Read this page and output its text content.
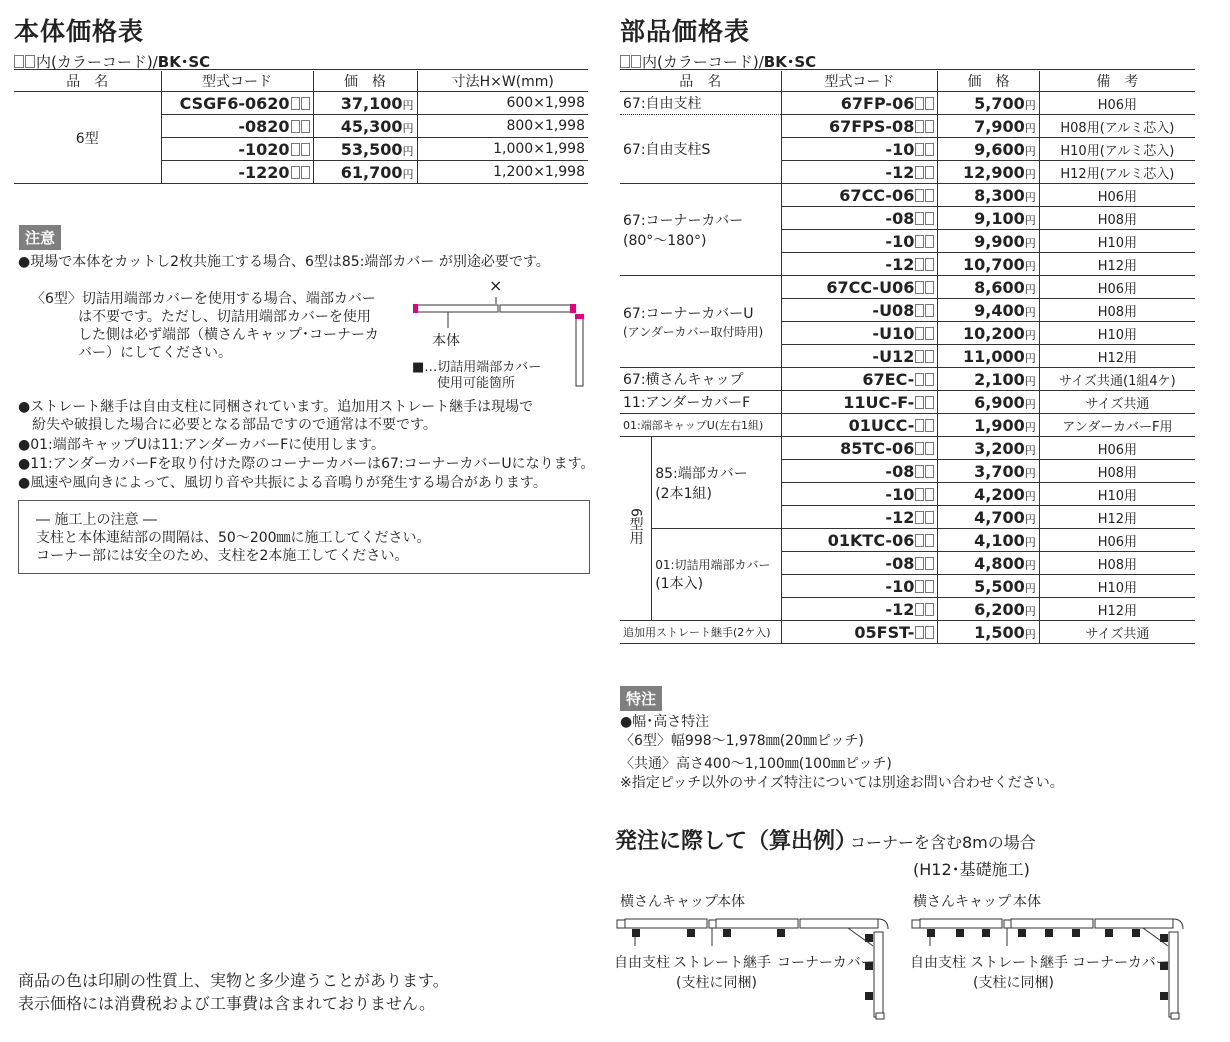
本体価格表
内(カラーコード)/BK･SC
品　名	型式コード	価　格	寸法H×W(mm)
6型	CSGF6-0620	37,100円	600×1,998
	-0820	45,300円	800×1,998
	-1020	53,500円	1,000×1,998
	-1220	61,700円	1,200×1,998
注意
●現場で本体をカットし2枚共施工する場合、6型は85:端部カバー が別途必要です。
〈6型〉切詰用端部カバーを使用する場合、端部カバー
は不要です。ただし、切詰用端部カバーを使用
した側は必ず端部（横さんキャップ･コーナーカ
バー）にしてください。
×
本体
■…切詰用端部カバー
使用可能箇所
●ストレート継手は自由支柱に同梱されています。追加用ストレート継手は現場で
　紛失や破損した場合に必要となる部品ですので通常は不要です。
●01:端部キャップUは11:アンダーカバーFに使用します。
●11:アンダーカバーFを取り付けた際のコーナーカバーは67:コーナーカバーUになります。
●風速や風向きによって、風切り音や共振による音鳴りが発生する場合があります。
― 施工上の注意 ―
支柱と本体連結部の間隔は、50～200㎜に施工してください。
コーナー部には安全のため、支柱を2本施工してください。
商品の色は印刷の性質上、実物と多少違うことがあります。
表示価格には消費税および工事費は含まれておりません。
部品価格表
内(カラーコード)/BK･SC
品　名		型式コード	価　格	備　考
67:自由支柱		67FP-06	5,700円	H06用
67:自由支柱S		67FPS-08	7,900円	H08用(アルミ芯入)
		-10	9,600円	H10用(アルミ芯入)
		-12	12,900円	H12用(アルミ芯入)

67:コーナーカバー
(80°～180°)		67CC-06	8,300円	H06用
		-08	9,100円	H08用
		-10	9,900円	H10用
		-12	10,700円	H12用

67:コーナーカバーU
(アンダーカバー取付時用)		67CC-U06	8,600円	H06用
		-U08	9,400円	H08用
		-U10	10,200円	H10用
		-U12	11,000円	H12用
67:横さんキャップ		67EC-	2,100円	サイズ共通(1組4ケ)
11:アンダーカバーF		11UC-F-	6,900円	サイズ共通
01:端部キャップU(左右1組)		01UCC-	1,900円	アンダーカバーF用
6型用	85:端部カバー
(2本1組)	85TC-06	3,200円	H06用
		-08	3,700円	H08用
		-10	4,200円	H10用
		-12	4,700円	H12用

	01:切詰用端部カバー
(1本入)	01KTC-06	4,100円	H06用
		-08	4,800円	H08用
		-10	5,500円	H10用
		-12	6,200円	H12用
追加用ストレート継手(2ケ入)		05FST-	1,500円	サイズ共通
特注
●幅･高さ特注
〈6型〉幅998～1,978㎜(20㎜ピッチ)
〈共通〉高さ400～1,100㎜(100㎜ピッチ)
※指定ピッチ以外のサイズ特注については別途お問い合わせください。
発注に際して（算出例）
コーナーを含む8mの場合
(H12･基礎施工)
横さんキャップ 本体
自由支柱 ストレート継手
(支柱に同梱)
コーナーカバー
横さんキャップ 本体
自由支柱 ストレート継手
(支柱に同梱)
コーナーカバー
